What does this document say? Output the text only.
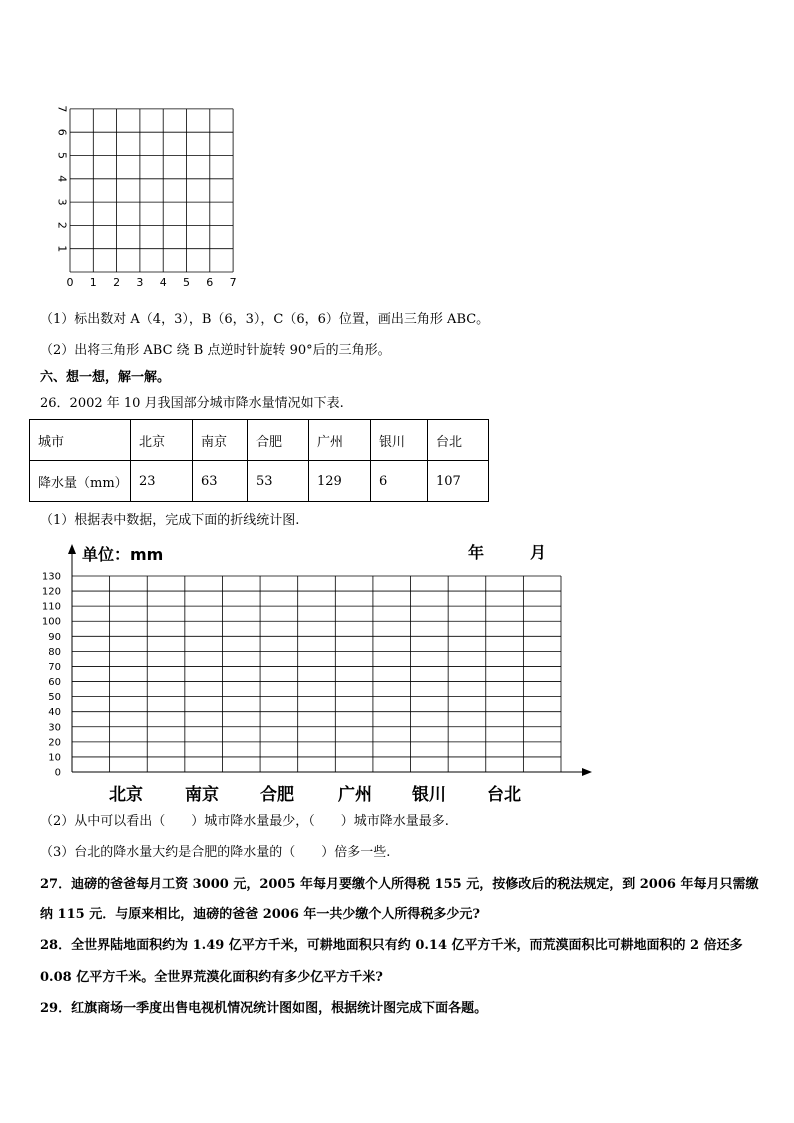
7
6
5
4
3
2
1
0 1 2 3 4 5 6 7
（1）标出数对 A（4，3），B（6，3），C（6，6）位置，画出三角形 ABC。
（2）出将三角形 ABC 绕 B 点逆时针旋转 90°后的三角形。
六、想一想，解一解。
26．2002 年 10 月我国部分城市降水量情况如下表.
城市	北京	南京	合肥	广州	银川	台北
降水量（mm）	23	63	53	129	6	107
（1）根据表中数据，完成下面的折线统计图.
单位：mm	年	月
130
120
110
100
90
80
70
60
50
40
30
20
10
0
北京 南京 合肥	广州 银川 台北
（2）从中可以看出（　　）城市降水量最少，（　　）城市降水量最多.
（3）台北的降水量大约是合肥的降水量的（　　）倍多一些.
27．迪磅的爸爸每月工资 3000 元，2005 年每月要缴个人所得税 155 元，按修改后的税法规定，到 2006 年每月只需缴
纳 115 元．与原来相比，迪磅的爸爸 2006 年一共少缴个人所得税多少元?
28．全世界陆地面积约为 1.49 亿平方千米，可耕地面积只有约 0.14 亿平方千米，而荒漠面积比可耕地面积的 2 倍还多
0.08 亿平方千米。全世界荒漠化面积约有多少亿平方千米?
29．红旗商场一季度出售电视机情况统计图如图，根据统计图完成下面各题。
